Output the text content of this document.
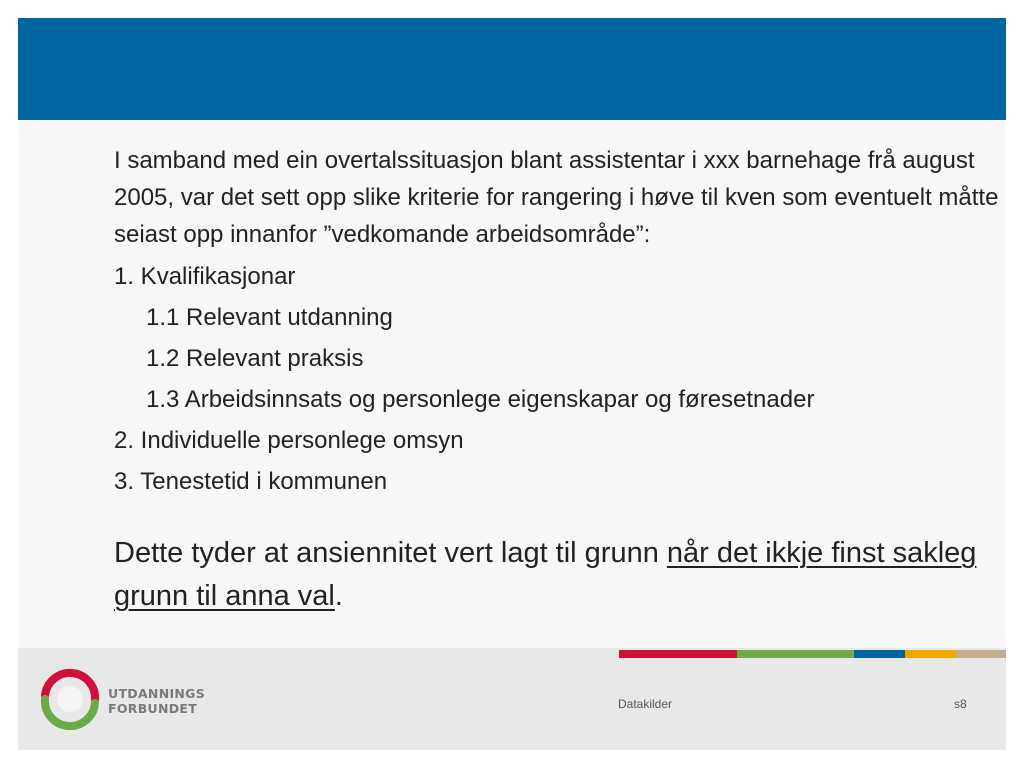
I samband med ein overtalssituasjon blant assistentar i xxx barnehage frå august 2005, var det sett opp slike kriterie for rangering i høve til kven som eventuelt måtte seiast opp innanfor ”vedkomande arbeidsområde”:

1. Kvalifikasjonar
1.1 Relevant utdanning
1.2 Relevant praksis
1.3 Arbeidsinnsats og personlege eigenskapar og føresetnader
2. Individuelle personlege omsyn
3. Tenestetid i kommunen
Dette tyder at ansiennitet vert lagt til grunn når det ikkje finst sakleg grunn til anna val.
UTDANNINGS
FORBUNDET	Datakilder	s8
